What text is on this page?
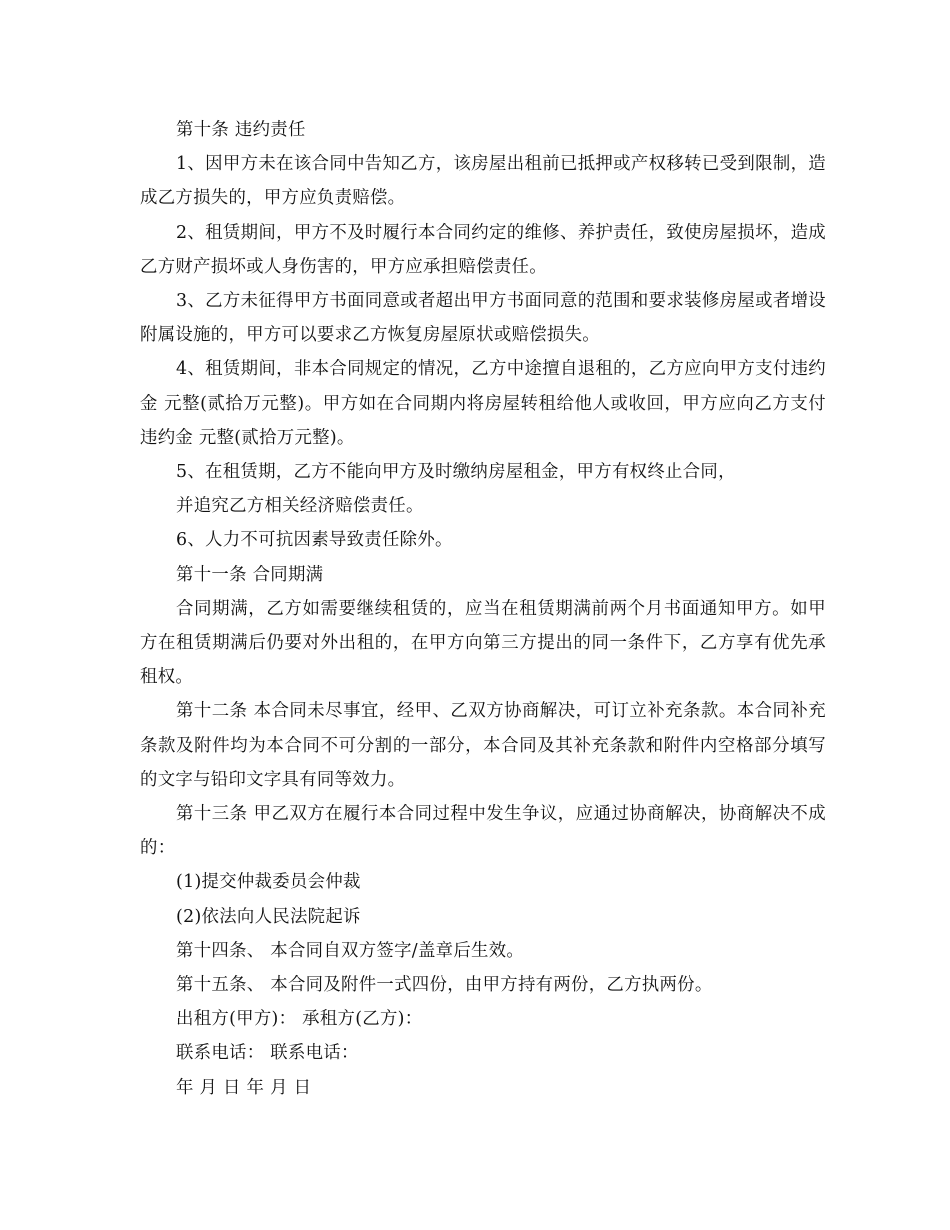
第十条 违约责任

1、因甲方未在该合同中告知乙方，该房屋出租前已抵押或产权移转已受到限制，造成乙方损失的，甲方应负责赔偿。

2、租赁期间，甲方不及时履行本合同约定的维修、养护责任，致使房屋损坏，造成乙方财产损坏或人身伤害的，甲方应承担赔偿责任。

3、乙方未征得甲方书面同意或者超出甲方书面同意的范围和要求装修房屋或者增设附属设施的，甲方可以要求乙方恢复房屋原状或赔偿损失。

4、租赁期间，非本合同规定的情况，乙方中途擅自退租的，乙方应向甲方支付违约金 元整(贰拾万元整)。甲方如在合同期内将房屋转租给他人或收回，甲方应向乙方支付违约金 元整(贰拾万元整)。

5、在租赁期，乙方不能向甲方及时缴纳房屋租金，甲方有权终止合同，

并追究乙方相关经济赔偿责任。

6、人力不可抗因素导致责任除外。

第十一条 合同期满

合同期满，乙方如需要继续租赁的，应当在租赁期满前两个月书面通知甲方。如甲方在租赁期满后仍要对外出租的，在甲方向第三方提出的同一条件下，乙方享有优先承租权。

第十二条 本合同未尽事宜，经甲、乙双方协商解决，可订立补充条款。本合同补充条款及附件均为本合同不可分割的一部分，本合同及其补充条款和附件内空格部分填写的文字与铅印文字具有同等效力。

第十三条 甲乙双方在履行本合同过程中发生争议，应通过协商解决，协商解决不成的：

(1)提交仲裁委员会仲裁

(2)依法向人民法院起诉

第十四条、 本合同自双方签字/盖章后生效。

第十五条、 本合同及附件一式四份，由甲方持有两份，乙方执两份。

出租方(甲方)： 承租方(乙方)：

联系电话： 联系电话：

年 月 日 年 月 日
